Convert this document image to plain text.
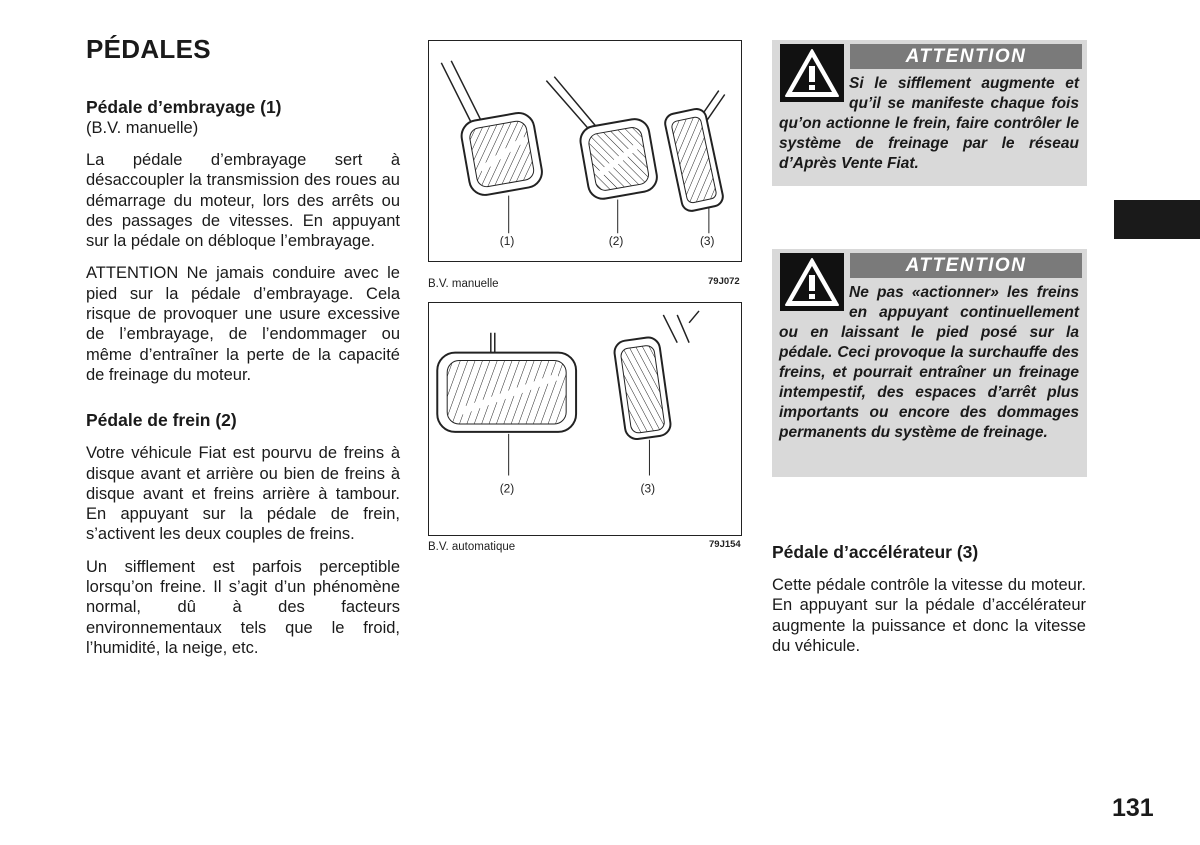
PÉDALES
Pédale d’embrayage (1)
(B.V. manuelle)

La pédale d’embrayage sert à désaccoupler la transmission des roues au démarrage du moteur, lors des arrêts ou des passages de vitesses. En appuyant sur la pédale on débloque l’embrayage.

ATTENTION Ne jamais conduire avec le pied sur la pédale d’embrayage. Cela risque de provoquer une usure excessive de l’embrayage, de l’endommager ou même d’entraîner la perte de la capacité de freinage du moteur.

Pédale de frein (2)

Votre véhicule Fiat est pourvu de freins à disque avant et arrière ou bien de freins à disque avant et freins arrière à tambour. En appuyant sur la pédale de frein, s’activent les deux couples de freins.

Un sifflement est parfois perceptible lorsqu’on freine. Il s’agit d’un phénomène normal, dû à des facteurs environnementaux tels que le froid, l’humidité, la neige, etc.

(1)	(2)	(3)
B.V. manuelle	79J072
(2)	(3)
B.V. automatique	79J154
ATTENTION
Si le sifflement augmente et qu’il se manifeste chaque fois qu’on actionne le frein, faire contrôler le système de freinage par le réseau d’Après Vente Fiat.
ATTENTION
Ne pas «actionner» les freins en appuyant continuellement ou en laissant le pied posé sur la pédale. Ceci provoque la surchauffe des freins, et pourrait entraîner un freinage intempestif, des espaces d’arrêt plus importants ou encore des dommages permanents du système de freinage.
Pédale d’accélérateur (3)

Cette pédale contrôle la vitesse du moteur. En appuyant sur la pédale d’accélérateur augmente la puissance et donc la vitesse du véhicule.

131
